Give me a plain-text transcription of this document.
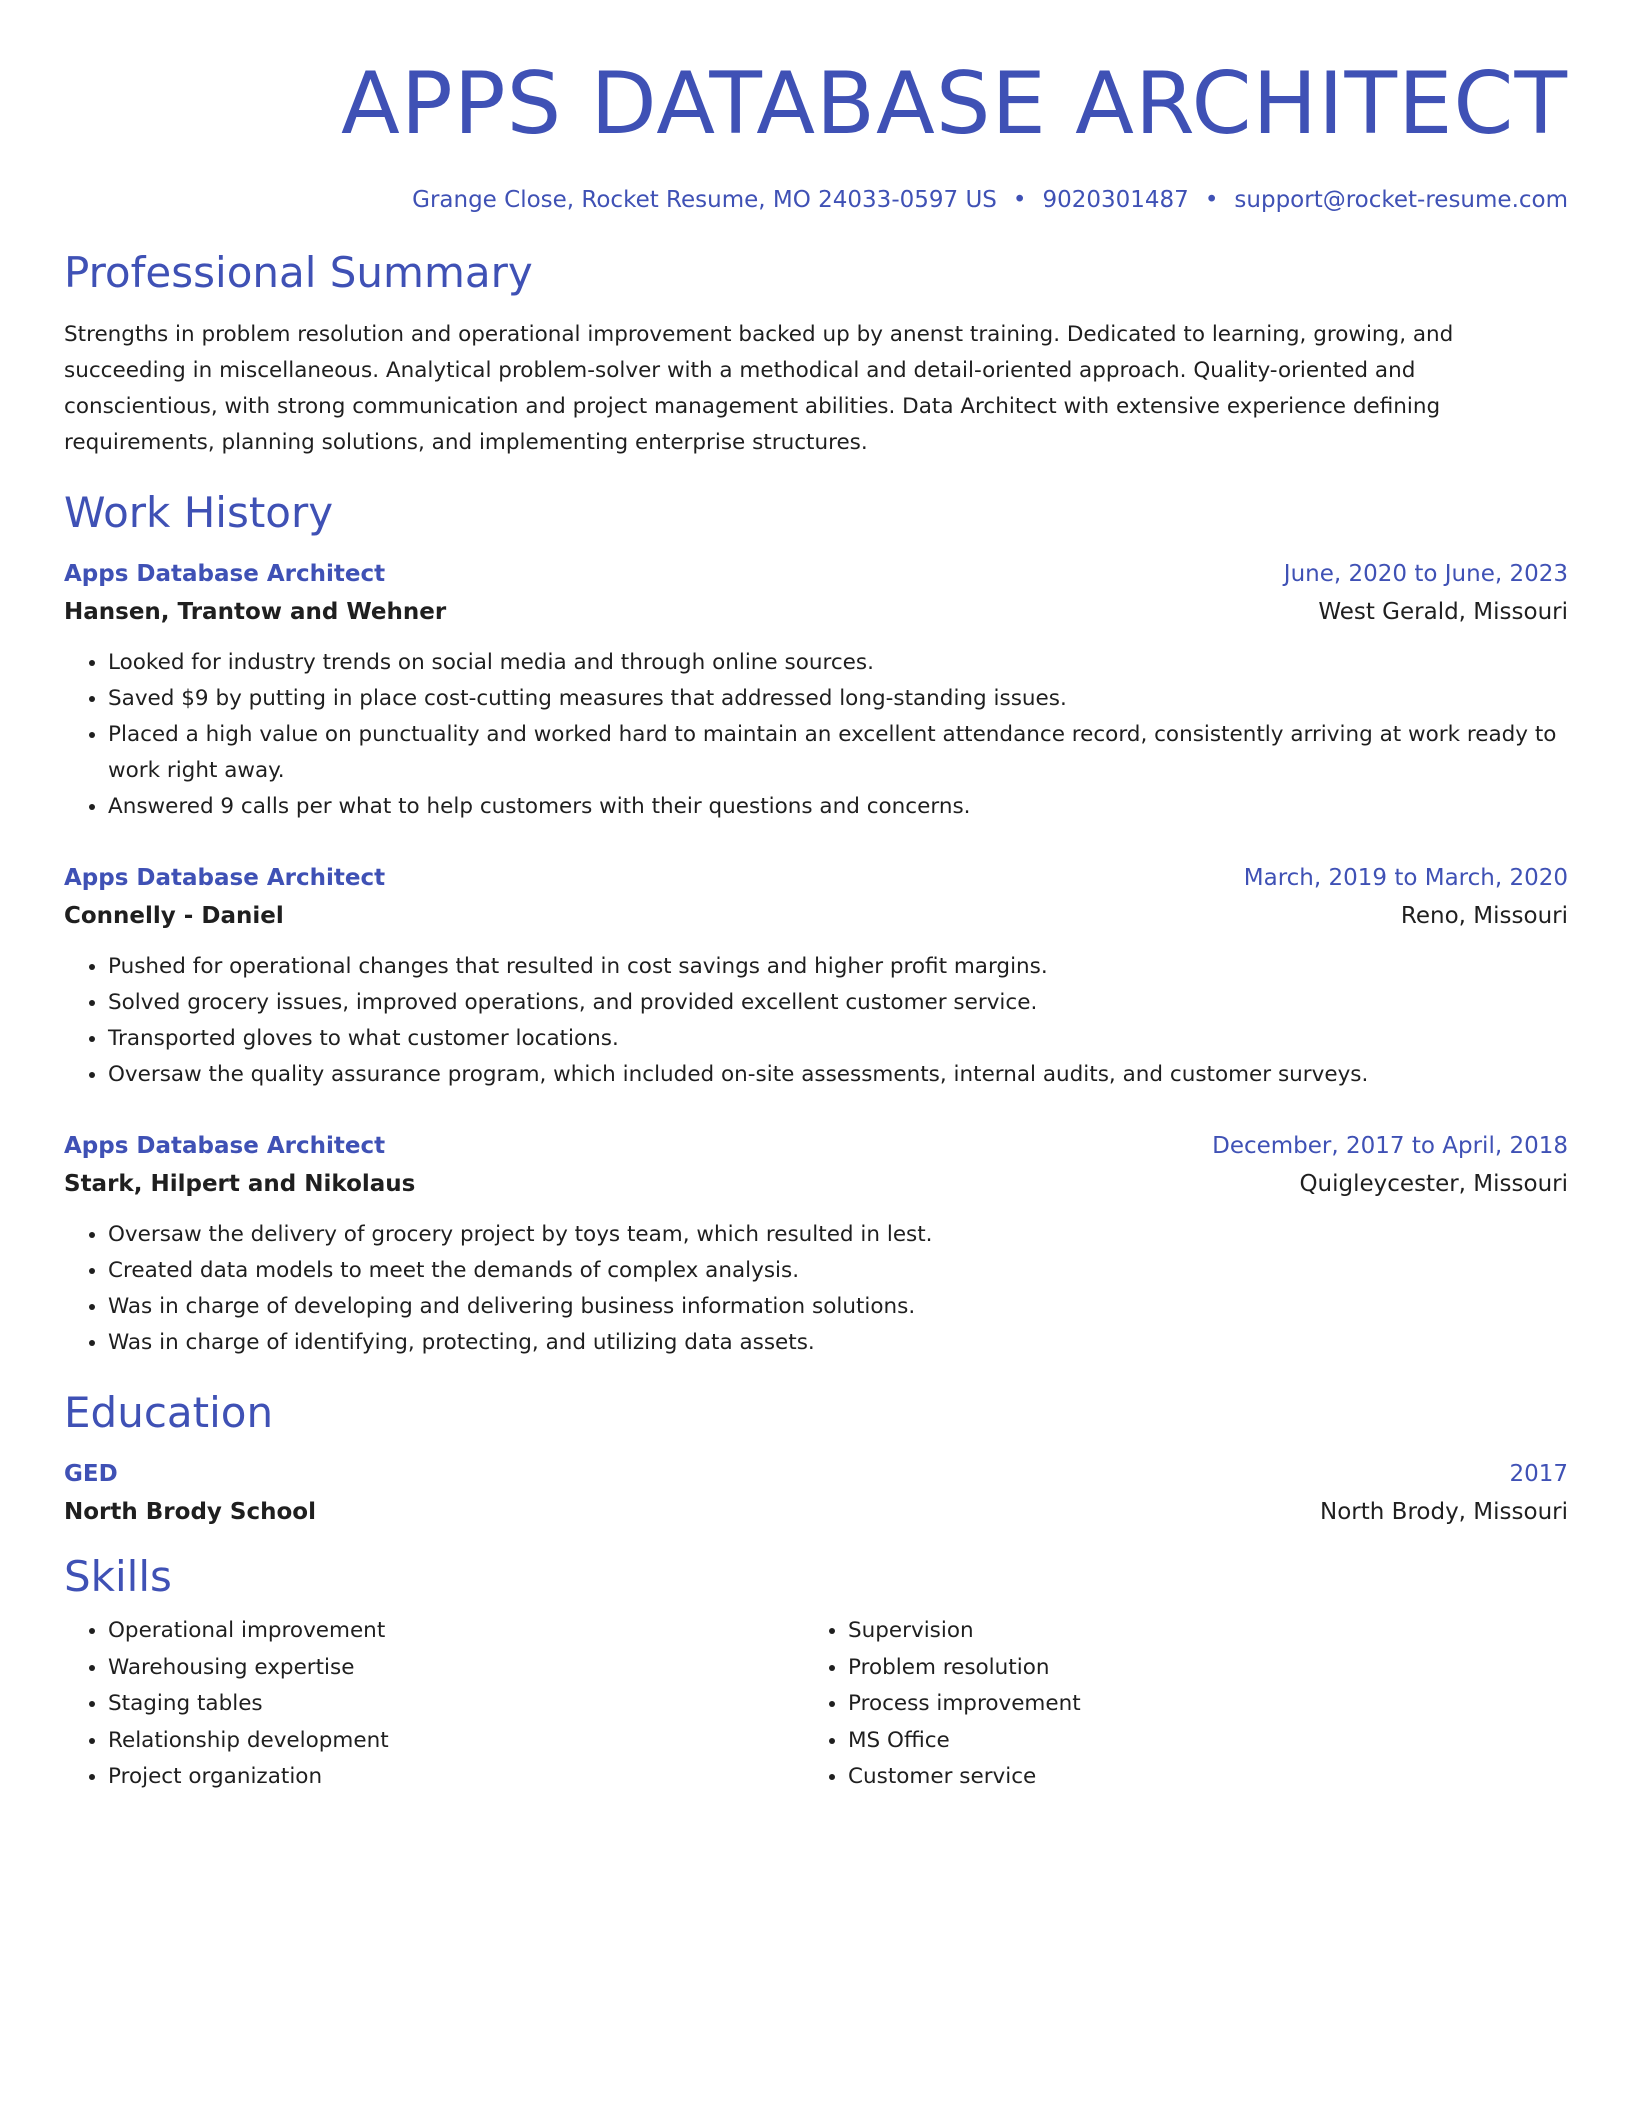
APPS DATABASE ARCHITECT
Grange Close, Rocket Resume, MO 24033-0597 US • 9020301487 • support@rocket-resume.com
Professional Summary

Strengths in problem resolution and operational improvement backed up by anenst training. Dedicated to learning, growing, and succeeding in miscellaneous. Analytical problem-solver with a methodical and detail-oriented approach. Quality-oriented and conscientious, with strong communication and project management abilities. Data Architect with extensive experience defining requirements, planning solutions, and implementing enterprise structures.

Work History
Apps Database Architect	June, 2020 to June, 2023
Hansen, Trantow and Wehner	West Gerald, Missouri
• Looked for industry trends on social media and through online sources.
• Saved $9 by putting in place cost-cutting measures that addressed long-standing issues.
• Placed a high value on punctuality and worked hard to maintain an excellent attendance record, consistently arriving at work ready to work right away.
• Answered 9 calls per what to help customers with their questions and concerns.
Apps Database Architect	March, 2019 to March, 2020
Connelly - Daniel	Reno, Missouri
• Pushed for operational changes that resulted in cost savings and higher profit margins.
• Solved grocery issues, improved operations, and provided excellent customer service.
• Transported gloves to what customer locations.
• Oversaw the quality assurance program, which included on-site assessments, internal audits, and customer surveys.
Apps Database Architect	December, 2017 to April, 2018
Stark, Hilpert and Nikolaus	Quigleycester, Missouri
• Oversaw the delivery of grocery project by toys team, which resulted in lest.
• Created data models to meet the demands of complex analysis.
• Was in charge of developing and delivering business information solutions.
• Was in charge of identifying, protecting, and utilizing data assets.
Education
GED	2017
North Brody School	North Brody, Missouri
Skills
• Operational improvement
• Warehousing expertise
• Staging tables
• Relationship development
• Project organization
• Supervision
• Problem resolution
• Process improvement
• MS Office
• Customer service
